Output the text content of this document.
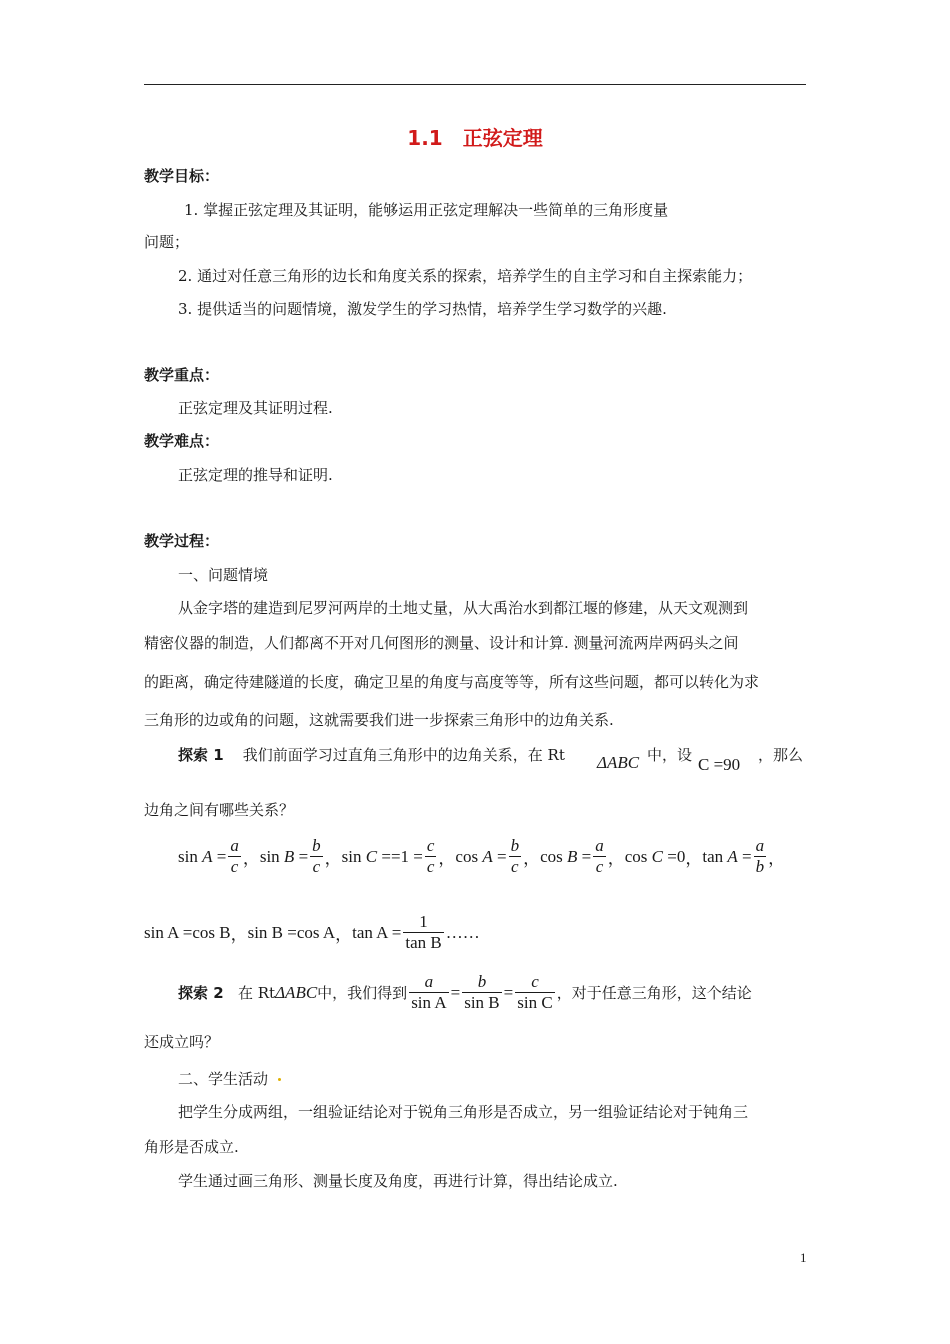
1.1　正弦定理
教学目标：
1. 掌握正弦定理及其证明，能够运用正弦定理解决一些简单的三角形度量
问题；
2. 通过对任意三角形的边长和角度关系的探索，培养学生的自主学习和自主探索能力；
3. 提供适当的问题情境，激发学生的学习热情，培养学生学习数学的兴趣.
教学重点：
正弦定理及其证明过程.
教学难点：
正弦定理的推导和证明.
教学过程：
一、问题情境
从金字塔的建造到尼罗河两岸的土地丈量，从大禹治水到都江堰的修建，从天文观测到
精密仪器的制造，人们都离不开对几何图形的测量、设计和计算. 测量河流两岸两码头之间
的距离，确定待建隧道的长度，确定卫星的角度与高度等等，所有这些问题，都可以转化为求
三角形的边或角的问题，这就需要我们进一步探索三角形中的边角关系.
探索 1 我们前面学习过直角三角形中的边角关系，在 Rt ΔABC 中，设 C =90 ，那么
边角之间有哪些关系？
$\sin A = \frac{a}{c}$ ， $\sin B = \frac{b}{c}$ ， $\sin C ==1 = \frac{c}{c}$ ， $\cos A = \frac{b}{c}$ ， $\cos B = \frac{a}{c}$ ， cos C =0 ， $\tan A = \frac{a}{b}$ ，
sin A =cos B ， sin B =cos A ， $\tan A = \frac{1}{\text{tan B}}$ ……
探索 2
在 Rt ΔABC 中，我们得到 $\frac{a}{\text{sin A}} = \frac{b}{\text{sin B}} = \frac{c}{\text{sin C}}$ ，对于任意三角形，这个结论
还成立吗？
二、学生活动
把学生分成两组，一组验证结论对于锐角三角形是否成立，另一组验证结论对于钝角三
角形是否成立.
学生通过画三角形、测量长度及角度，再进行计算，得出结论成立.
1
